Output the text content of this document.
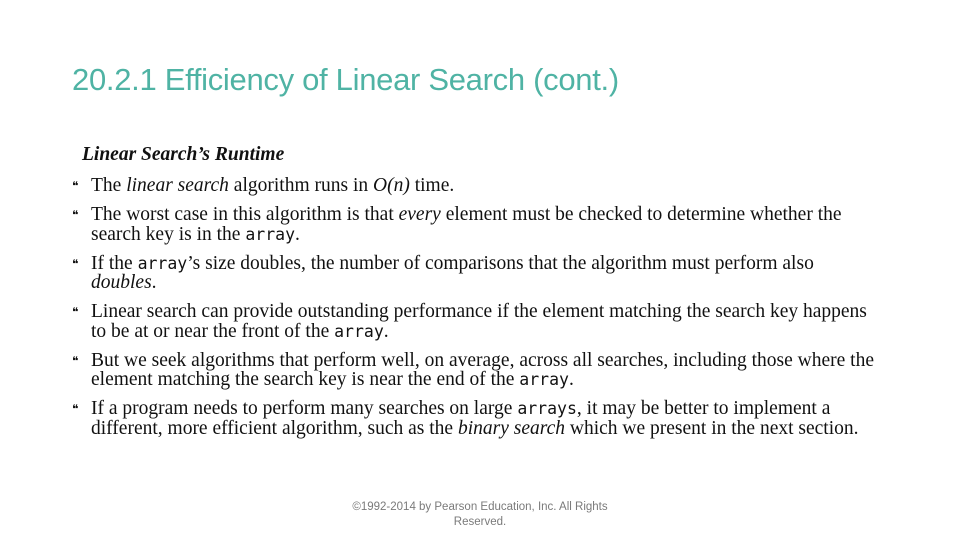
20.2.1 Efficiency of Linear Search (cont.)

Linear Search’s Runtime

❝ The linear search algorithm runs in O(n) time.
❝ The worst case in this algorithm is that every element must be checked to determine whether the search key is in the array.
❝ If the array’s size doubles, the number of comparisons that the algorithm must perform also doubles.
❝ Linear search can provide outstanding performance if the element matching the search key happens to be at or near the front of the array.
❝ But we seek algorithms that perform well, on average, across all searches, including those where the element matching the search key is near the end of the array.
❝ If a program needs to perform many searches on large arrays, it may be better to implement a different, more efficient algorithm, such as the binary search which we present in the next section.
©1992-2014 by Pearson Education, Inc. All Rights Reserved.
